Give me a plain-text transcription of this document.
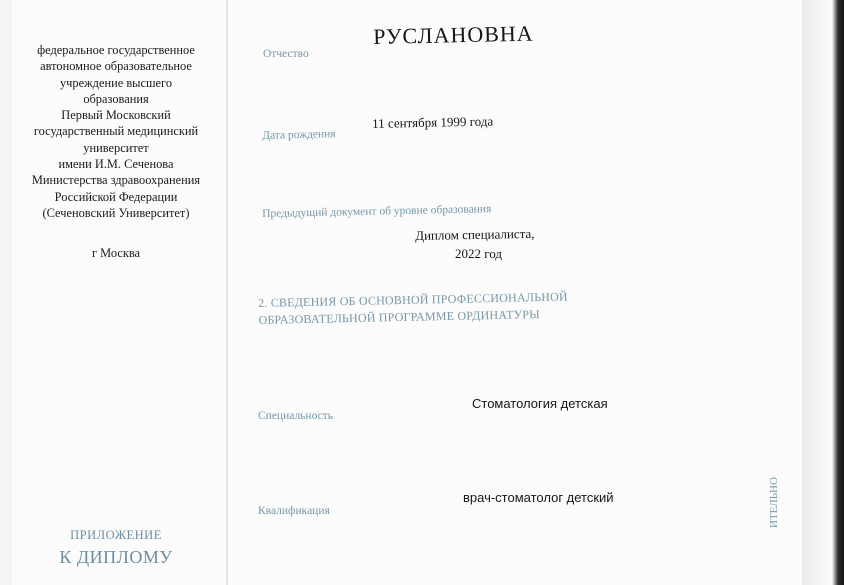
федеральное государственное
автономное образовательное
учреждение высшего
образования
Первый Московский
государственный медицинский
университет
имени И.М. Сеченова
Министерства здравоохранения
Российской Федерации
(Сеченовский Университет)
г Москва
ПРИЛОЖЕНИЕ
К ДИПЛОМУ
Отчество
РУСЛАНОВНА
Дата рождения
11 сентября 1999 года
Предыдущий документ об уровне образования
Диплом специалиста,
2022 год
2. СВЕДЕНИЯ ОБ ОСНОВНОЙ ПРОФЕССИОНАЛЬНОЙ
ОБРАЗОВАТЕЛЬНОЙ ПРОГРАММЕ ОРДИНАТУРЫ
Специальность
Стоматология детская
Квалификация
врач-стоматолог детский	ИТЕЛЬНО
